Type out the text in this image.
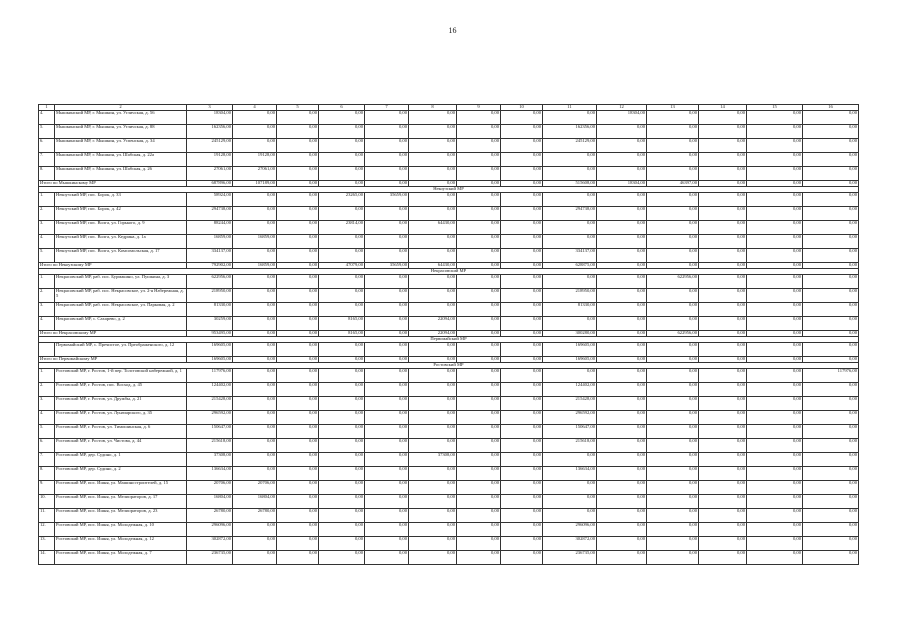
16
1	2	3	4	5	6	7	8	9	10	11	12	13	14	15	16
4.	Мышкинский МР, г. Мышкин, ул. Угличская, д. 56	18304,00	0,00	0,00	0,00	0,00	0,00	0,00	0,00	0,00	18304,00	0,00	0,00	0,00	0,00
5.	Мышкинский МР, г. Мышкин, ул. Угличская, д. 88	162356,00	0,00	0,00	0,00	0,00	0,00	0,00	0,00	162356,00	0,00	0,00	0,00	0,00	0,00
6.	Мышкинский МР, г. Мышкин, ул. Успенская, д. 34	245129,00	0,00	0,00	0,00	0,00	0,00	0,00	0,00	245129,00	0,00	0,00	0,00	0,00	0,00
7.	Мышкинский МР, г. Мышкин, ул. Шабская, д. 22а	19128,00	19128,00	0,00	0,00	0,00	0,00	0,00	0,00	0,00	0,00	0,00	0,00	0,00	0,00
8.	Мышкинский МР, г. Мышкин, ул. Шабская, д. 26	27061,00	27061,00	0,00	0,00	0,00	0,00	0,00	0,00	0,00	0,00	0,00	0,00	0,00	0,00
Итого по Мышкинскому МР		687896,00	107189,00	0,00	0,00	0,00	0,00	0,00	0,00	515608,00	18304,00	46397,00	0,00	0,00	0,00
Некоузский МР															
1.	Некоузский МР, пос. Борок, д. 33	58924,00	0,00	0,00	23265,00	35659,00	0,00	0,00	0,00	0,00	0,00	0,00	0,00	0,00	0,00
2.	Некоузский МР, пос. Борок, д. 42	294738,00	0,00	0,00	0,00	0,00	0,00	0,00	0,00	294738,00	0,00	0,00	0,00	0,00	0,00
3.	Некоузский МР, пос. Волга, ул. Горького, д. 9	88244,00	0,00	0,00	23814,00	0,00	64430,00	0,00	0,00	0,00	0,00	0,00	0,00	0,00	0,00
4.	Некоузский МР, пос. Волга, ул. Кедрина, д. 1а	16859,00	16859,00	0,00	0,00	0,00	0,00	0,00	0,00	0,00	0,00	0,00	0,00	0,00	0,00
5.	Некоузский МР, пос. Волга, ул. Комсомольская, д. 17	334137,00	0,00	0,00	0,00	0,00	0,00	0,00	0,00	334137,00	0,00	0,00	0,00	0,00	0,00
Итого по Некоузскому МР		792902,00	16859,00	0,00	47079,00	35659,00	64430,00	0,00	0,00	628875,00	0,00	0,00	0,00	0,00	0,00
Некрасовский МР															
1.	Некрасовский МР, раб. пос. Бурмакино, ул. Пушкина, д. 3	622956,00	0,00	0,00	0,00	0,00	0,00	0,00	0,00	0,00	0,00	622956,00	0,00	0,00	0,00
2.	Некрасовский МР, раб. пос. Некрасовское, ул. 2-я Набережная, д. 5	218950,00	0,00	0,00	0,00	0,00	0,00	0,00	0,00	218950,00	0,00	0,00	0,00	0,00	0,00
3.	Некрасовский МР, раб. пос. Некрасовское, ул. Парковая, д. 2	81330,00	0,00	0,00	0,00	0,00	0,00	0,00	0,00	81330,00	0,00	0,00	0,00	0,00	0,00
4.	Некрасовский МР, с. Сахарево, д. 2	30259,00	0,00	0,00	8165,00	0,00	22094,00	0,00	0,00	0,00	0,00	0,00	0,00	0,00	0,00
Итого по Некрасовскому МР		953495,00	0,00	0,00	8165,00	0,00	22094,00	0,00	0,00	300280,00	0,00	622956,00	0,00	0,00	0,00
Первомайский МР															
	Первомайский МР, с. Пречистое, ул. Преображенского, д. 12	169605,00	0,00	0,00	0,00	0,00	0,00	0,00	0,00	169605,00	0,00	0,00	0,00	0,00	0,00
Итого по Первомайскому МР		169605,00	0,00	0,00	0,00	0,00	0,00	0,00	0,00	169605,00	0,00	0,00	0,00	0,00	0,00
Ростовский МР															
1.	Ростовский МР, г. Ростов, 1-й пер. Толстовской набережной, д. 1	117976,00	0,00	0,00	0,00	0,00	0,00	0,00	0,00	0,00	0,00	0,00	0,00	0,00	117976,00
2.	Ростовский МР, г. Ростов, пос. Восход, д. 45	124402,00	0,00	0,00	0,00	0,00	0,00	0,00	0,00	124402,00	0,00	0,00	0,00	0,00	0,00
3.	Ростовский МР, г. Ростов, ул. Дружбы, д. 21	215428,00	0,00	0,00	0,00	0,00	0,00	0,00	0,00	215428,00	0,00	0,00	0,00	0,00	0,00
4.	Ростовский МР, г. Ростов, ул. Луначарского, д. 35	296592,00	0,00	0,00	0,00	0,00	0,00	0,00	0,00	296592,00	0,00	0,00	0,00	0,00	0,00
5.	Ростовский МР, г. Ростов, ул. Тимошинская, д. 6	150647,00	0,00	0,00	0,00	0,00	0,00	0,00	0,00	150647,00	0,00	0,00	0,00	0,00	0,00
6.	Ростовский МР, г. Ростов, ул. Чистова, д. 44	215618,00	0,00	0,00	0,00	0,00	0,00	0,00	0,00	215618,00	0,00	0,00	0,00	0,00	0,00
7.	Ростовский МР, дер. Судино, д. 1	37308,00	0,00	0,00	0,00	0,00	37308,00	0,00	0,00	0,00	0,00	0,00	0,00	0,00	0,00
8.	Ростовский МР, дер. Судино, д. 2	136634,00	0,00	0,00	0,00	0,00	0,00	0,00	0,00	136634,00	0,00	0,00	0,00	0,00	0,00
9.	Ростовский МР, пос. Ишня, ул. Машиностроителей, д. 15	20706,00	20706,00	0,00	0,00	0,00	0,00	0,00	0,00	0,00	0,00	0,00	0,00	0,00	0,00
10.	Ростовский МР, пос. Ишня, ул. Мелиораторов, д. 17	16804,00	16804,00	0,00	0,00	0,00	0,00	0,00	0,00	0,00	0,00	0,00	0,00	0,00	0,00
11.	Ростовский МР, пос. Ишня, ул. Мелиораторов, д. 23	26780,00	26780,00	0,00	0,00	0,00	0,00	0,00	0,00	0,00	0,00	0,00	0,00	0,00	0,00
12.	Ростовский МР, пос. Ишня, ул. Молодежная, д. 10	296096,00	0,00	0,00	0,00	0,00	0,00	0,00	0,00	296096,00	0,00	0,00	0,00	0,00	0,00
13.	Ростовский МР, пос. Ишня, ул. Молодежная, д. 12	302872,00	0,00	0,00	0,00	0,00	0,00	0,00	0,00	302872,00	0,00	0,00	0,00	0,00	0,00
14.	Ростовский МР, пос. Ишня, ул. Молодежная, д. 7	236735,00	0,00	0,00	0,00	0,00	0,00	0,00	0,00	236735,00	0,00	0,00	0,00	0,00	0,00
